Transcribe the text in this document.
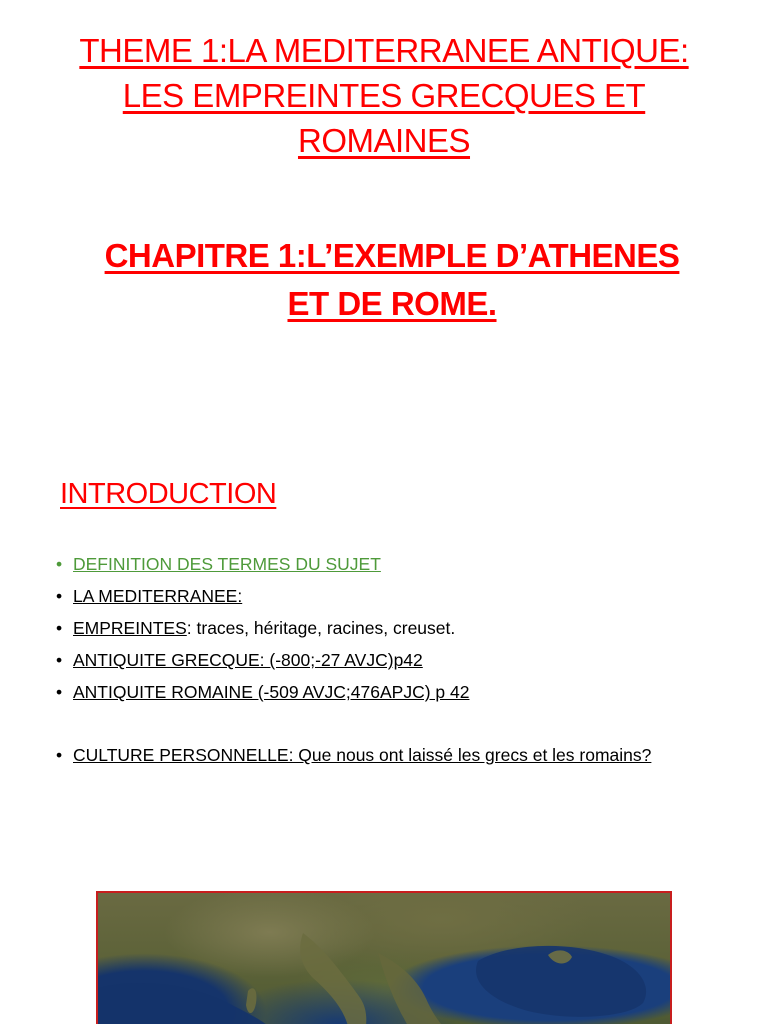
THEME 1:LA MEDITERRANEE ANTIQUE:
LES EMPREINTES GRECQUES ET
ROMAINES
CHAPITRE 1:L’EXEMPLE D’ATHENES
ET DE ROME.
INTRODUCTION
• DEFINITION DES TERMES DU SUJET
• LA MEDITERRANEE:
• EMPREINTES: traces, héritage, racines, creuset.
• ANTIQUITE GRECQUE: (-800;-27 AVJC)p42
• ANTIQUITE ROMAINE (-509 AVJC;476APJC) p 42
• CULTURE PERSONNELLE: Que nous ont laissé les grecs et les romains?
